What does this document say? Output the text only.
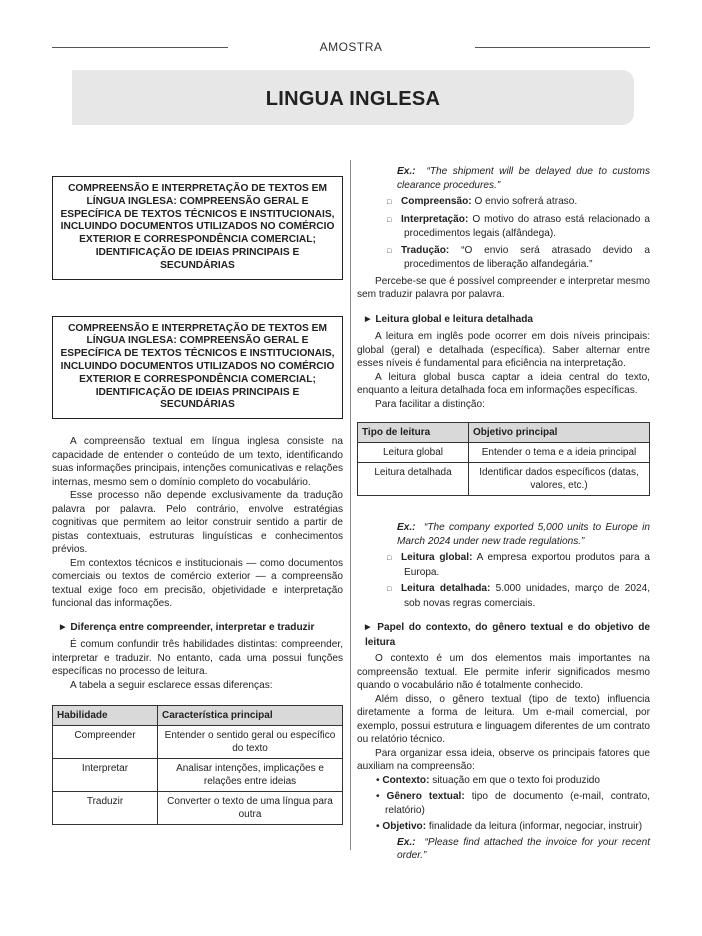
AMOSTRA
LINGUA INGLESA
COMPREENSÃO E INTERPRETAÇÃO DE TEXTOS EM LÍNGUA INGLESA: COMPREENSÃO GERAL E ESPECÍFICA DE TEXTOS TÉCNICOS E INSTITUCIONAIS, INCLUINDO DOCUMENTOS UTILIZADOS NO COMÉRCIO EXTERIOR E CORRESPONDÊNCIA COMERCIAL; IDENTIFICAÇÃO DE IDEIAS PRINCIPAIS E SECUNDÁRIAS
COMPREENSÃO E INTERPRETAÇÃO DE TEXTOS EM LÍNGUA INGLESA: COMPREENSÃO GERAL E ESPECÍFICA DE TEXTOS TÉCNICOS E INSTITUCIONAIS, INCLUINDO DOCUMENTOS UTILIZADOS NO COMÉRCIO EXTERIOR E CORRESPONDÊNCIA COMERCIAL; IDENTIFICAÇÃO DE IDEIAS PRINCIPAIS E SECUNDÁRIAS

A compreensão textual em língua inglesa consiste na capacidade de entender o conteúdo de um texto, identificando suas informações principais, intenções comunicativas e relações internas, mesmo sem o domínio completo do vocabulário.

Esse processo não depende exclusivamente da tradução palavra por palavra. Pelo contrário, envolve estratégias cognitivas que permitem ao leitor construir sentido a partir de pistas contextuais, estruturas linguísticas e conhecimentos prévios.

Em contextos técnicos e institucionais — como documentos comerciais ou textos de comércio exterior — a compreensão textual exige foco em precisão, objetividade e interpretação funcional das informações.

▶ Diferença entre compreender, interpretar e traduzir

É comum confundir três habilidades distintas: compreender, interpretar e traduzir. No entanto, cada uma possui funções específicas no processo de leitura.

A tabela a seguir esclarece essas diferenças:

Habilidade	Característica principal
Compreender	Entender o sentido geral ou específico do texto
Interpretar	Analisar intenções, implicações e relações entre ideias
Traduzir	Converter o texto de uma língua para outra

Ex.: “The shipment will be delayed due to customs clearance procedures.”

□ Compreensão: O envio sofrerá atraso.

□ Interpretação: O motivo do atraso está relacionado a procedimentos legais (alfândega).

□ Tradução: “O envio será atrasado devido a procedimentos de liberação alfandegária.”

Percebe-se que é possível compreender e interpretar mesmo sem traduzir palavra por palavra.

▶ Leitura global e leitura detalhada

A leitura em inglês pode ocorrer em dois níveis principais: global (geral) e detalhada (específica). Saber alternar entre esses níveis é fundamental para eficiência na interpretação.

A leitura global busca captar a ideia central do texto, enquanto a leitura detalhada foca em informações específicas.

Para facilitar a distinção:

Tipo de leitura	Objetivo principal
Leitura global	Entender o tema e a ideia principal
Leitura detalhada	Identificar dados específicos (datas, valores, etc.)

Ex.: “The company exported 5,000 units to Europe in March 2024 under new trade regulations.”

□ Leitura global: A empresa exportou produtos para a Europa.

□ Leitura detalhada: 5.000 unidades, março de 2024, sob novas regras comerciais.

▶ Papel do contexto, do gênero textual e do objetivo de leitura

O contexto é um dos elementos mais importantes na compreensão textual. Ele permite inferir significados mesmo quando o vocabulário não é totalmente conhecido.

Além disso, o gênero textual (tipo de texto) influencia diretamente a forma de leitura. Um e-mail comercial, por exemplo, possui estrutura e linguagem diferentes de um contrato ou relatório técnico.

Para organizar essa ideia, observe os principais fatores que auxiliam na compreensão:

• Contexto: situação em que o texto foi produzido

• Gênero textual: tipo de documento (e-mail, contrato, relatório)

• Objetivo: finalidade da leitura (informar, negociar, instruir)

Ex.: “Please find attached the invoice for your recent order.”
